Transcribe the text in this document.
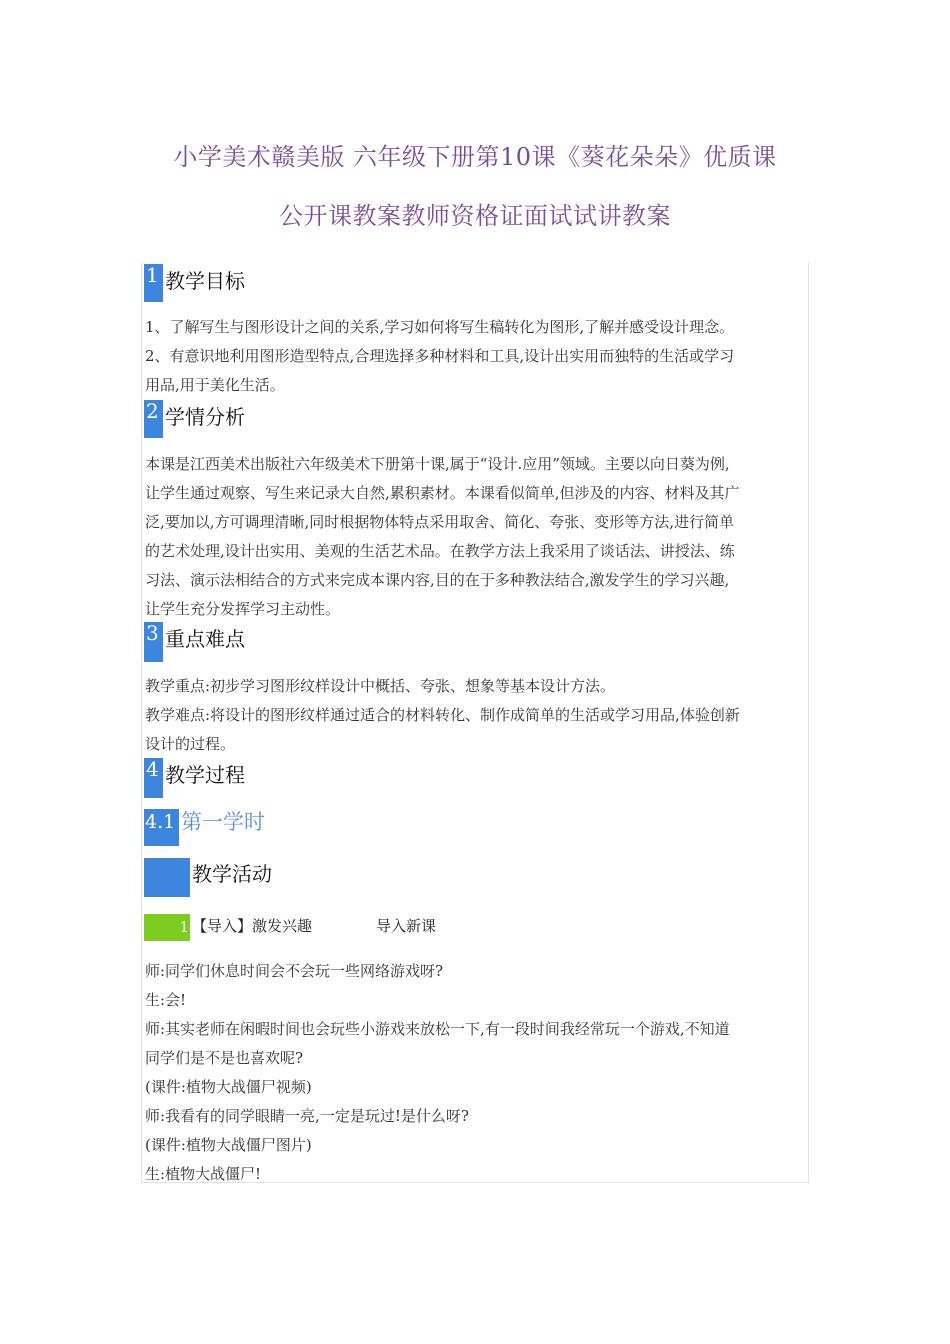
小学美术赣美版 六年级下册第10课《葵花朵朵》优质课
公开课教案教师资格证面试试讲教案
1 教学目标

1、了解写生与图形设计之间的关系,学习如何将写生稿转化为图形,了解并感受设计理念。

2、有意识地利用图形造型特点,合理选择多种材料和工具,设计出实用而独特的生活或学习

用品,用于美化生活。

2 学情分析

本课是江西美术出版社六年级美术下册第十课,属于“设计.应用”领域。主要以向日葵为例,

让学生通过观察、写生来记录大自然,累积素材。本课看似简单,但涉及的内容、材料及其广

泛,要加以,方可调理清晰,同时根据物体特点采用取舍、简化、夸张、变形等方法,进行简单

的艺术处理,设计出实用、美观的生活艺术品。在教学方法上我采用了谈话法、讲授法、练

习法、演示法相结合的方式来完成本课内容,目的在于多种教法结合,激发学生的学习兴趣,

让学生充分发挥学习主动性。

3 重点难点

教学重点:初步学习图形纹样设计中概括、夸张、想象等基本设计方法。

教学难点:将设计的图形纹样通过适合的材料转化、制作成简单的生活或学习用品,体验创新

设计的过程。

4 教学过程
4.1 第一学时
教学活动
1 【导入】激发兴趣	导入新课

师:同学们休息时间会不会玩一些网络游戏呀?

生:会!

师:其实老师在闲暇时间也会玩些小游戏来放松一下,有一段时间我经常玩一个游戏,不知道

同学们是不是也喜欢呢?

(课件:植物大战僵尸视频)

师:我看有的同学眼睛一亮,一定是玩过!是什么呀?

(课件:植物大战僵尸图片)

生:植物大战僵尸!
